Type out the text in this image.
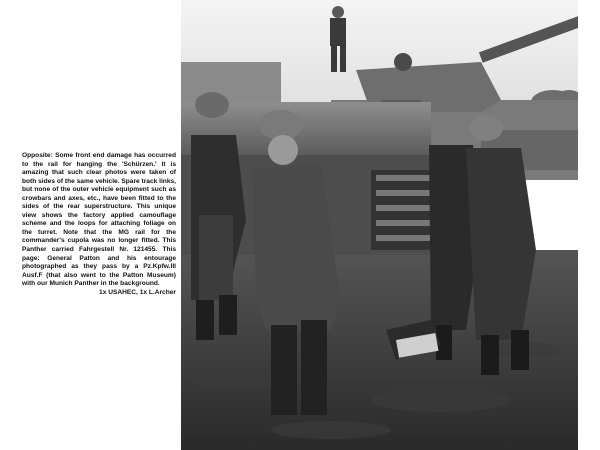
Opposite: Some front end damage has occurred to the rail for hanging the 'Schürzen.' It is amazing that such clear photos were taken of both sides of the same vehicle. Spare track links, but none of the outer vehicle equipment such as crowbars and axes, etc., have been fitted to the sides of the rear superstructure. This unique view shows the factory applied camouflage scheme and the loops for attaching foliage on the turret. Note that the MG rail for the commander's cupola was no longer fitted. This Panther carried Fahrgestell Nr. 121455. This page: General Patton and his entourage photographed as they pass by a Pz.Kpfw.III Ausf.F (that also went to the Patton Museum) with our Munich Panther in the background.
1x USAHEC, 1x L.Archer
